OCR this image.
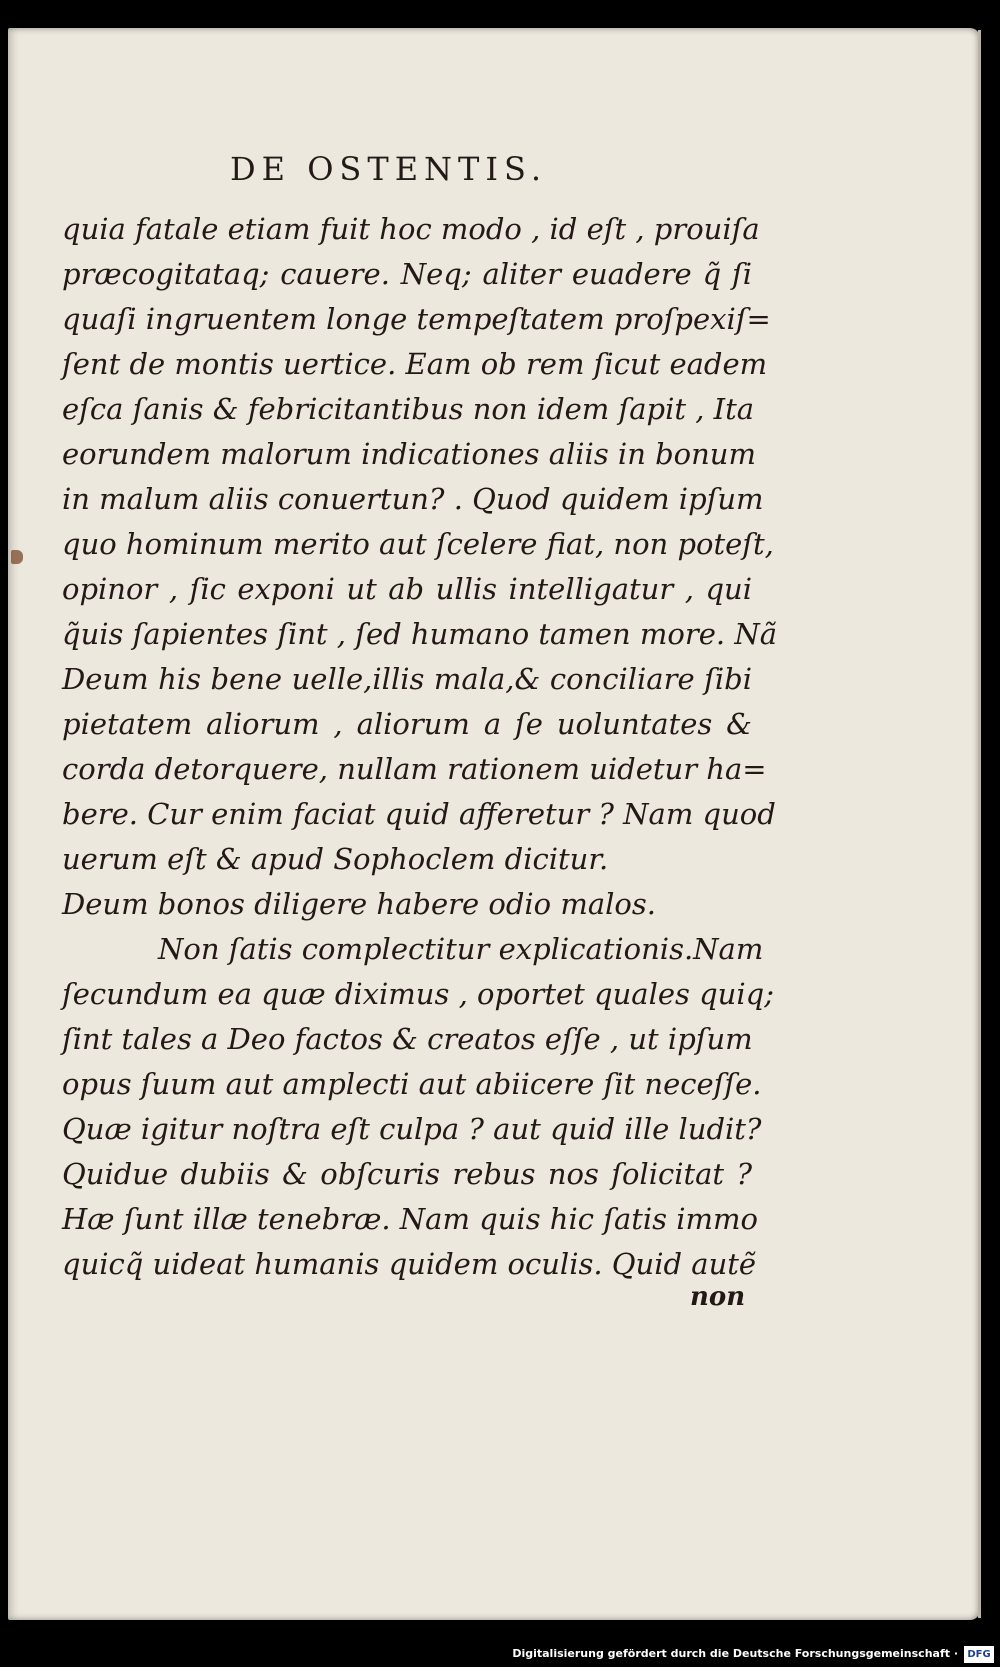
DE OSTENTIS.
quia fatale etiam fuit hoc modo , id eſt , prouiſa
præcogitataq; cauere. Neq; aliter euadere q̃ ſi
quaſi ingruentem longe tempeſtatem proſpexiſ=
ſent de montis uertice. Eam ob rem ſicut eadem
eſca ſanis & febricitantibus non idem ſapit , Ita
eorundem malorum indicationes aliis in bonum
in malum aliis conuertun? . Quod quidem ipſum
quo hominum merito aut ſcelere fiat, non poteſt,
opinor , ſic exponi ut ab ullis intelligatur , qui
q̃uis ſapientes ſint , ſed humano tamen more. Nã
Deum his bene uelle,illis mala,& conciliare ſibi
pietatem aliorum , aliorum a ſe uoluntates &
corda detorquere, nullam rationem uidetur ha=
bere. Cur enim faciat quid afferetur ? Nam quod
uerum eſt & apud Sophoclem dicitur.
Deum bonos diligere habere odio malos.
Non ſatis complectitur explicationis.Nam
ſecundum ea quæ diximus , oportet quales quiq;
ſint tales a Deo factos & creatos eſſe , ut ipſum
opus ſuum aut amplecti aut abiicere ſit neceſſe.
Quæ igitur noſtra eſt culpa ? aut quid ille ludit?
Quidue dubiis & obſcuris rebus nos ſolicitat ?
Hæ ſunt illæ tenebræ. Nam quis hic ſatis immo
quicq̃ uideat humanis quidem oculis. Quid autẽ
non
Digitalisierung gefördert durch die Deutsche Forschungsgemeinschaft · DFG
